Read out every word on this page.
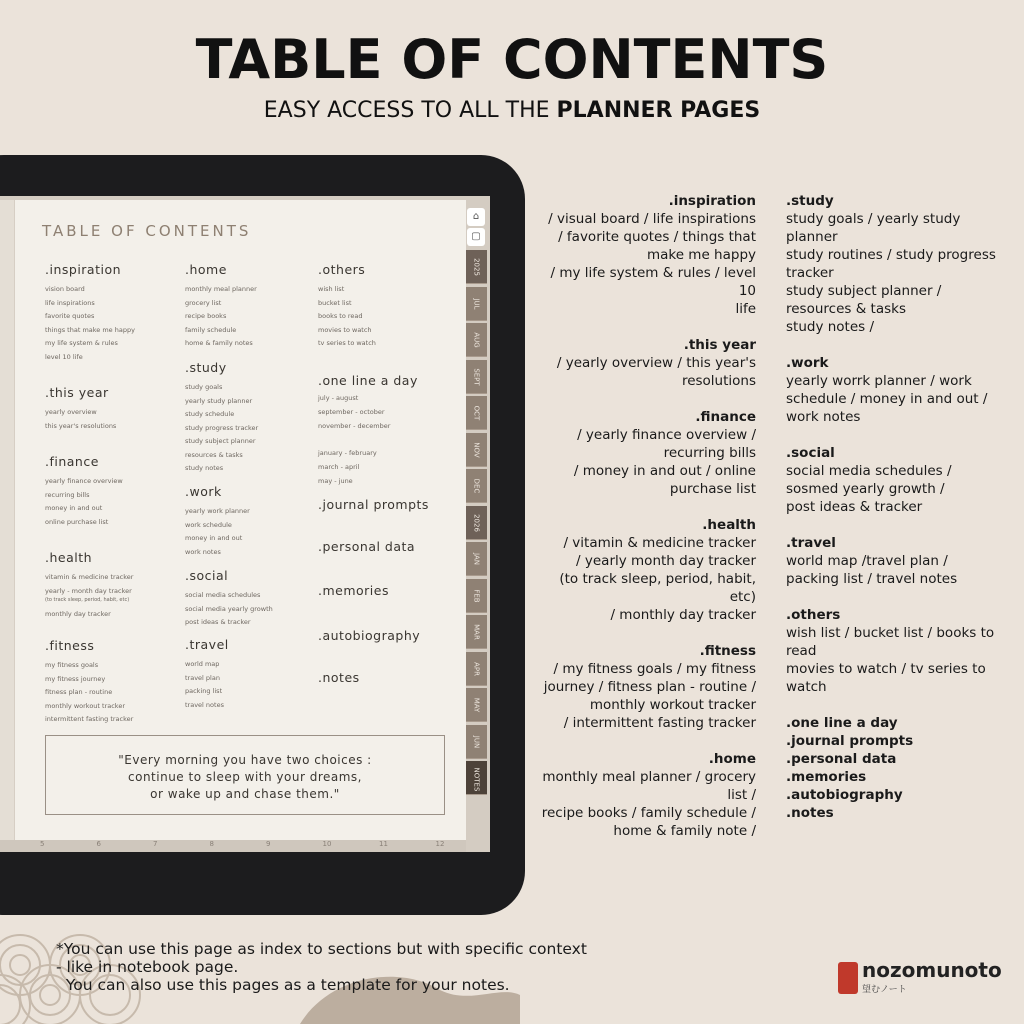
TABLE OF CONTENTS
EASY ACCESS TO ALL THE PLANNER PAGES
5	6	7	8	9	10	11	12
⌂
▢
2025
JUL
AUG
SEPT
OCT
NOV
DEC
2026
JAN
FEB
MAR
APR
MAY
JUN
NOTES
TABLE OF CONTENTS
.inspiration
vision board
life inspirations
favorite quotes
things that make me happy
my life system & rules
level 10 life
.this year
yearly overview
this year's resolutions
.finance
yearly finance overview
recurring bills
money in and out
online purchase list
.health
vitamin & medicine tracker
yearly - month day tracker
(to track sleep, period, habit, etc)
monthly day tracker
.fitness
my fitness goals
my fitness journey
fitness plan - routine
monthly workout tracker
intermittent fasting tracker
.home
monthly meal planner
grocery list
recipe books
family schedule
home & family notes
.study
study goals
yearly study planner
study schedule
study progress tracker
study subject planner
resources & tasks
study notes
.work
yearly work planner
work schedule
money in and out
work notes
.social
social media schedules
social media yearly growth
post ideas & tracker
.travel
world map
travel plan
packing list
travel notes
.others
wish list
bucket list
books to read
movies to watch
tv series to watch
.one line a day
july - august
september - october
november - december
january - february
march - april
may - june
.journal prompts
.personal data
.memories
.autobiography
.notes
"Every morning you have two choices :
continue to sleep with your dreams,
or wake up and chase them."
.inspiration
/ visual board / life inspirations
/ favorite quotes / things that
make me happy
/ my life system & rules / level 10
life
.this year
/ yearly overview / this year's
resolutions
.finance
/ yearly finance overview /
recurring bills
/ money in and out / online
purchase list
.health
/ vitamin & medicine tracker
/ yearly month day tracker
(to track sleep, period, habit,
etc)
/ monthly day tracker
.fitness
/ my fitness goals / my fitness
journey / fitness plan - routine /
monthly workout tracker
/ intermittent fasting tracker
.home
monthly meal planner / grocery
list /
recipe books / family schedule /
home & family note /
.study
study goals / yearly study
planner
study routines / study progress
tracker
study subject planner /
resources & tasks
study notes /
.work
yearly worrk planner / work
schedule / money in and out /
work notes
.social
social media schedules /
sosmed yearly growth /
post ideas & tracker
.travel
world map /travel plan /
packing list / travel notes
.others
wish list / bucket list / books to
read
movies to watch / tv series to
watch
.one line a day
.journal prompts
.personal data
.memories
.autobiography
.notes
*You can use this page as index to sections but with specific context
- like in notebook page.
You can also use this pages as a template for your notes.
nozomunoto
望むノート
